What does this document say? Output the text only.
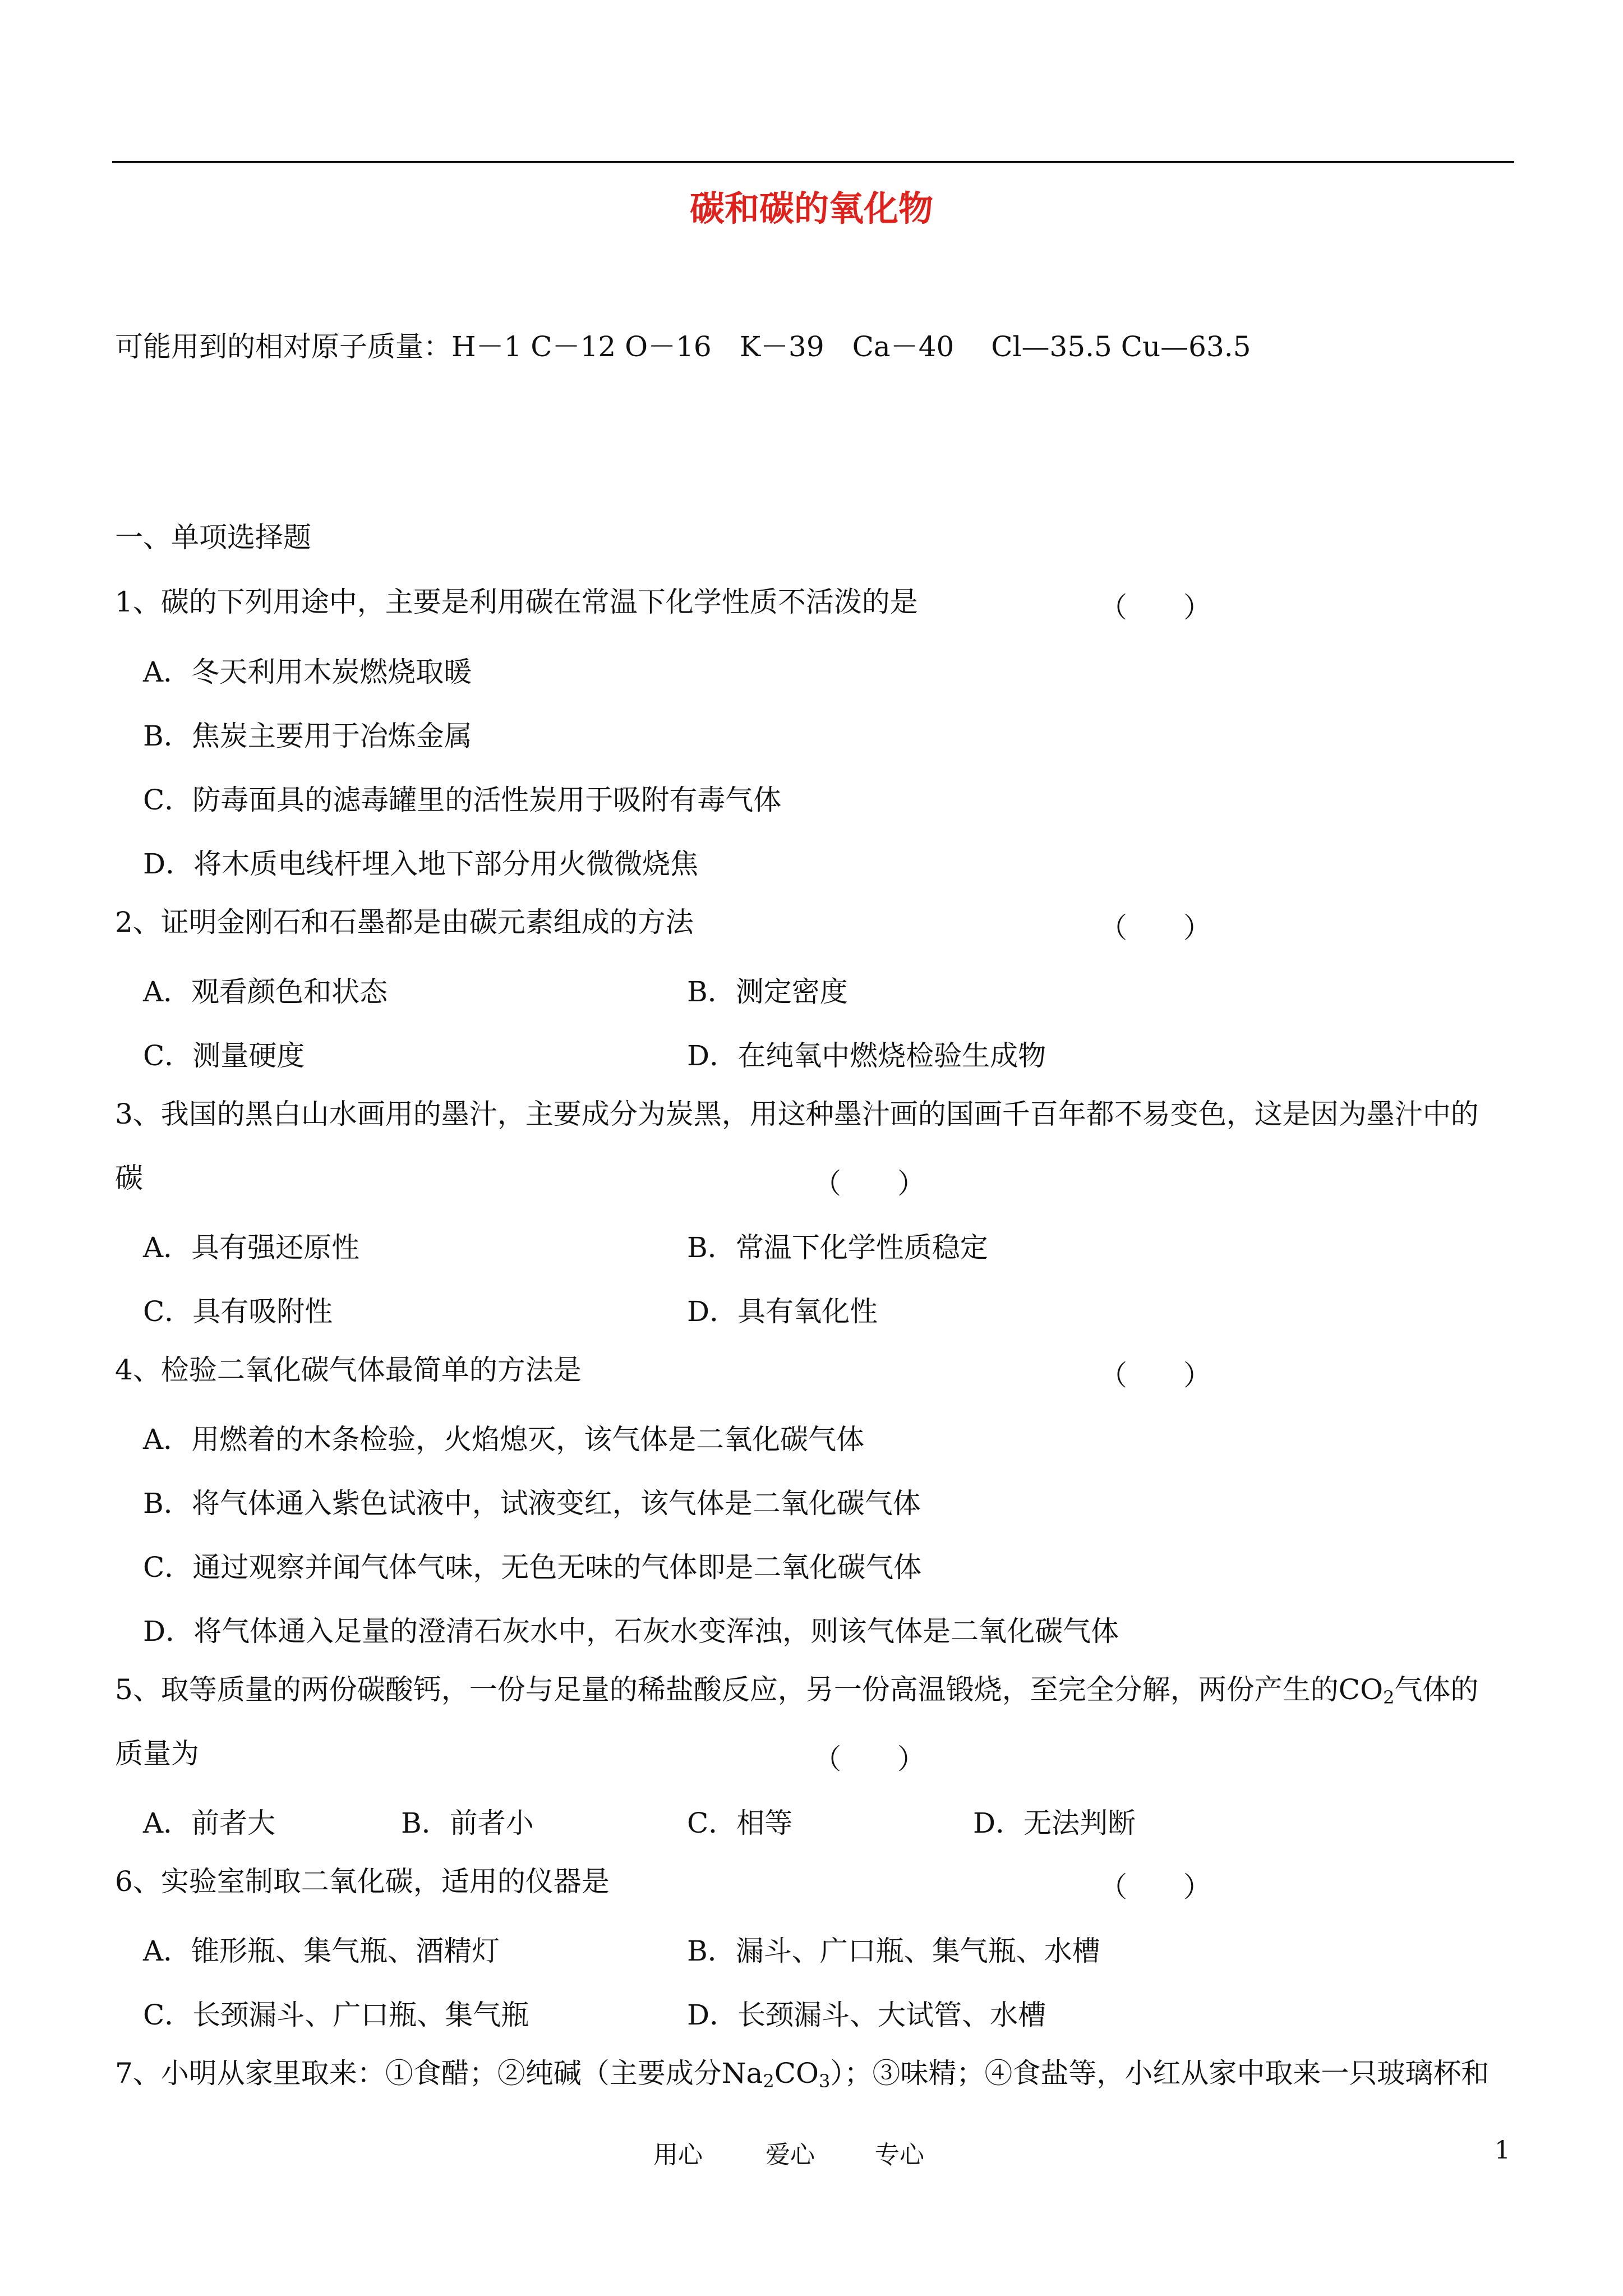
碳和碳的氧化物
可能用到的相对原子质量：H－1 C－12 O－16　K－39　Ca－40　 Cl—35.5 Cu—63.5
一、单项选择题
1、碳的下列用途中，主要是利用碳在常温下化学性质不活泼的是	（　　）
A．冬天利用木炭燃烧取暖
B．焦炭主要用于冶炼金属
C．防毒面具的滤毒罐里的活性炭用于吸附有毒气体
D．将木质电线杆埋入地下部分用火微微烧焦
2、证明金刚石和石墨都是由碳元素组成的方法	（　　）
A．观看颜色和状态	B．测定密度
C．测量硬度	D．在纯氧中燃烧检验生成物
3、我国的黑白山水画用的墨汁，主要成分为炭黑，用这种墨汁画的国画千百年都不易变色，这是因为墨汁中的
碳	（　　）
A．具有强还原性	B．常温下化学性质稳定
C．具有吸附性	D．具有氧化性
4、检验二氧化碳气体最简单的方法是	（　　）
A．用燃着的木条检验，火焰熄灭，该气体是二氧化碳气体
B．将气体通入紫色试液中，试液变红，该气体是二氧化碳气体
C．通过观察并闻气体气味，无色无味的气体即是二氧化碳气体
D．将气体通入足量的澄清石灰水中，石灰水变浑浊，则该气体是二氧化碳气体
5、取等质量的两份碳酸钙，一份与足量的稀盐酸反应，另一份高温锻烧，至完全分解，两份产生的$CO_2$气体的
质量为	（　　）
A．前者大	B．前者小	C．相等	D．无法判断
6、实验室制取二氧化碳，适用的仪器是	（　　）
A．锥形瓶、集气瓶、酒精灯	B．漏斗、广口瓶、集气瓶、水槽
C．长颈漏斗、广口瓶、集气瓶	D．长颈漏斗、大试管、水槽
7、小明从家里取来：①食醋；②纯碱（主要成分$Na_2CO_3$）；③味精；④食盐等，小红从家中取来一只玻璃杯和
用心	爱心 专心	1
